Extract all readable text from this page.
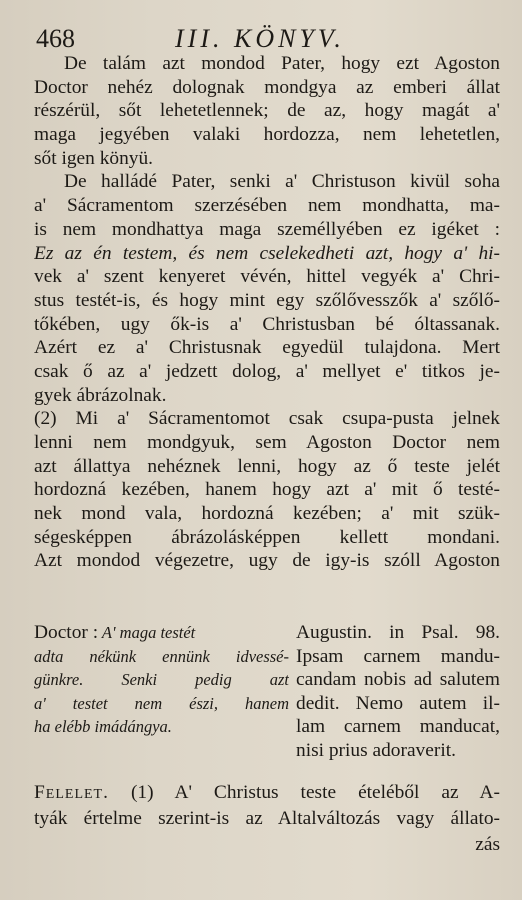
468	III. KÖNYV.
De talám azt mondod Pater, hogy ezt Agoston
Doctor nehéz dolognak mondgya az emberi állat
részérül, sőt lehetetlennek; de az, hogy magát a'
maga jegyében valaki hordozza, nem lehetetlen,
sőt igen könyü.
De halládé Pater, senki a' Christuson kivül soha
a' Sácramentom szerzésében nem mondhatta, ma-
is nem mondhattya maga személlyében ez igéket :
Ez az én testem, és nem cselekedheti azt, hogy a' hi-
vek a' szent kenyeret vévén, hittel vegyék a' Chri-
stus testét-is, és hogy mint egy szőlővesszők a' szőlő-
tőkében, ugy ők-is a' Christusban bé óltassanak.
Azért ez a' Christusnak egyedül tulajdona. Mert
csak ő az a' jedzett dolog, a' mellyet e' titkos je-
gyek ábrázolnak.
(2) Mi a' Sácramentomot csak csupa-pusta jelnek
lenni nem mondgyuk, sem Agoston Doctor nem
azt állattya nehéznek lenni, hogy az ő teste jelét
hordozná kezében, hanem hogy azt a' mit ő testé-
nek mond vala, hordozná kezében; a' mit szük-
ségesképpen ábrázolásképpen kellett mondani.
Azt mondod végezetre, ugy de igy-is szóll Agoston
Doctor : A' maga testét
adta nékünk ennünk idvessé-
günkre. Senki pedig azt
a' testet nem észi, hanem
ha elébb imádángya.
Augustin. in Psal. 98.
Ipsam carnem mandu-
candam nobis ad salutem
dedit. Nemo autem il-
lam carnem manducat,
nisi prius adoraverit.
Felelet. (1) A' Christus teste ételéből az A-
tyák értelme szerint-is az Altalváltozás vagy állato-
zás
